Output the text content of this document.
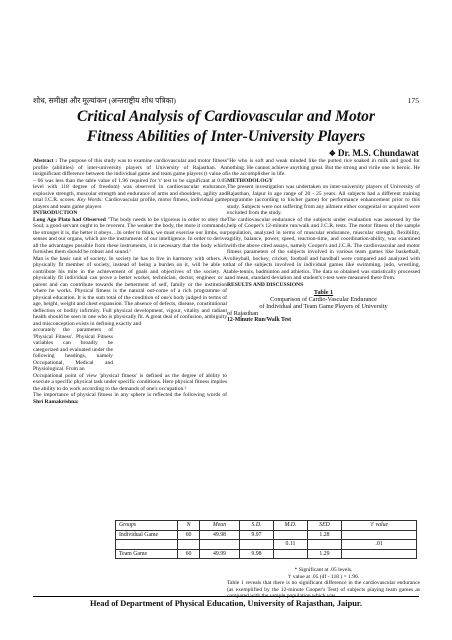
शोध, समीक्षा और मूल्यांकन (अन्तराष्ट्रीय शोध पत्रिका)	175
Critical Analysis of Cardiovascular and Motor
Fitness Abilities of Inter-University Players
❖ Dr. M.S. Chundawat

Abstract : The purpose of this study was to examine cardiovascular and motor fitness profile (abilities) of inter-university players of University of Rajasthan. An insignificant difference between the individual game and team game players (t value of – 06 was less than the table value of 1.96 required for 't' test to be significant at 0.05 level with 118 degree of freedom) was observed in cardiovascular endurance, explosive strength, muscular strength and endurance of arms and shoulders, agility and total J.C.R. scores. Key Words: Cardiovascular profile, motor fitness, individual game players and team game players

INTRODUCTION

Long Ago Plato had Observed "The body needs to be vigorous in order to obey the Soul; a good servant ought to be reverent. The weaker the body, the more it commands, the stronger it is, the better it obeys…In order to think, we must exercise our limbs, our senses and our organs, which are the instruments of our intelligence. In order to derive all the advantages possible from these instruments, it is necessary that the body which furnishes them should be robust and sound.¹

Man is the basic unit of society. In society he has to live in harmony with others. A physically fit member of society, instead of being a burden on it, will be able to contribute his mite in the achievement of goals and objectives of the society. A physically fit individual can prove a better worker, technician, doctor, engineer or a parent and can contribute towards the betterment of self, family or the institution where he works. Physical fitness is the natural out-come of a rich programme of physical education. It is the sum total of the condition of one's body judged in terms of age, height, weight and chest expansion. The absence of defects, disease, constitutional deflection or bodily infirmity. Full physical development, vigour, vitality and radiant health should be seen in one who is physically fit. A great deal of confusion, ambiguity and misconception exists in defining exactly and

accurately the parameters of 'Physical Fitness'. Physical Fitness variables can broadly be categorized and evaluated under the following headings, namely Occupational, Medical and Physiological. From an

Occupational point of view 'physical fitness' is defined as the degree of ability to execute a specific physical task under specific conditions. Here physical fitness implies the ability to do work according to the demands of one's occupation.²

The importance of physical fitness in any sphere is reflected the following words of Shri Ramakrishna:

"He who is soft and weak minded like the putted rice soaked in milk and good for nothing. He cannot achieve anything great. But the strong and virile one is heroic. He is the accomplisher in life.

METHODOLOGY

The present investigation was undertaken on inter-university players of University of Rajasthan, Jaipur in age range of 20 - 25 years. All subjects had a different training programme (according to his/her game) for performance enhancement prior to this study. Subjects were not suffering from any ailment either congenital or acquired were excluded from the study.

The cardiovascular endurance of the subjects under evaluation was assessed by the help of Cooper's 12-minute run/walk and J.C.R. tests. The motor fitness of the sample population, analyzed in terms of muscular endurance, muscular strength, flexibility, agility, balance, power, speed, reaction-time, and coordination-ability, was examined with the above cited assays, namely Cooper's and J.C.R. The cardiovascular and motor fitness parameters of the subjects involved in various team games like basketball, volleyball, hockey, cricket, football and handball were compared and analyzed with that of the subjects involved in individual games like swimming, judo, wrestling, table-tennis, badminton and athletics. The data so obtained was statistically processed and mean, standard deviation and student's t-test were measured there from.

RESULTS AND DISCUSSIONS

Table 1
Comparison of Cardio-Vascular Endurance
of Individual and Team Game Players of University
of Rajasthan
12-Minute Run/Walk Test
Groups	N	Mean	S.D.	M.D.	SED	't' value
Individual Game	60	49.98	9.97		1.28	
				0.11		.01
Team Game	60	49.99	9.98		1.29	
* Significant at .05 levels.
't' value at .05 (df - 118 ) = 1.96.

Table 1 reveals that there is no significant difference in the cardiovascular endurance (as exemplified by the 12-minute Cooper's Test) of subjects playing team games as compared with the sample population which was

Head of Department of Physical Education, University of Rajasthan, Jaipur.
